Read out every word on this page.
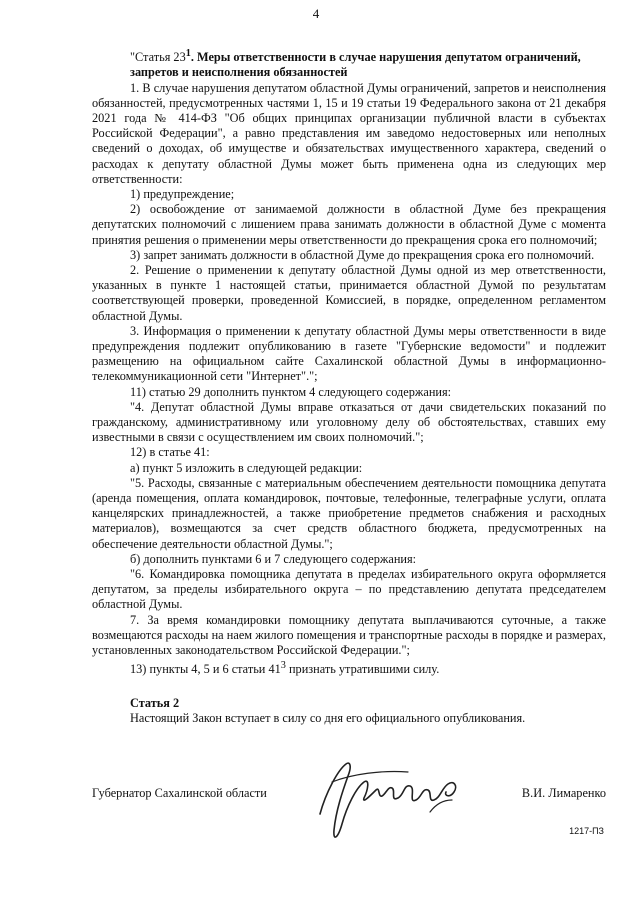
4

"Статья $23^1$. Меры ответственности в случае нарушения депутатом ограничений,

запретов и неисполнения обязанностей

1. В случае нарушения депутатом областной Думы ограничений, запретов и неисполнения обязанностей, предусмотренных частями 1, 15 и 19 статьи 19 Федерального закона от 21 декабря 2021 года № 414-ФЗ "Об общих принципах организации публичной власти в субъектах Российской Федерации", а равно представления им заведомо недостоверных или неполных сведений о доходах, об имуществе и обязательствах имущественного характера, сведений о расходах к депутату областной Думы может быть применена одна из следующих мер ответственности:

1) предупреждение;

2) освобождение от занимаемой должности в областной Думе без прекращения депутатских полномочий с лишением права занимать должности в областной Думе с момента принятия решения о применении меры ответственности до прекращения срока его полномочий;

3) запрет занимать должности в областной Думе до прекращения срока его полномочий.

2. Решение о применении к депутату областной Думы одной из мер ответственности, указанных в пункте 1 настоящей статьи, принимается областной Думой по результатам соответствующей проверки, проведенной Комиссией, в порядке, определенном регламентом областной Думы.

3. Информация о применении к депутату областной Думы меры ответственности в виде предупреждения подлежит опубликованию в газете "Губернские ведомости" и подлежит размещению на официальном сайте Сахалинской областной Думы в информационно-телекоммуникационной сети "Интернет".";

11) статью 29 дополнить пунктом 4 следующего содержания:

"4. Депутат областной Думы вправе отказаться от дачи свидетельских показаний по гражданскому, административному или уголовному делу об обстоятельствах, ставших ему известными в связи с осуществлением им своих полномочий.";

12) в статье 41:

а) пункт 5 изложить в следующей редакции:

"5. Расходы, связанные с материальным обеспечением деятельности помощника депутата (аренда помещения, оплата командировок, почтовые, телефонные, телеграфные услуги, оплата канцелярских принадлежностей, а также приобретение предметов снабжения и расходных материалов), возмещаются за счет средств областного бюджета, предусмотренных на обеспечение деятельности областной Думы.";

б) дополнить пунктами 6 и 7 следующего содержания:

"6. Командировка помощника депутата в пределах избирательного округа оформляется депутатом, за пределы избирательного округа – по представлению депутата председателем областной Думы.

7. За время командировки помощнику депутата выплачиваются суточные, а также возмещаются расходы на наем жилого помещения и транспортные расходы в порядке и размерах, установленных законодательством Российской Федерации.";

13) пункты 4, 5 и 6 статьи $41^3$ признать утратившими силу.

Статья 2

Настоящий Закон вступает в силу со дня его официального опубликования.

Губернатор Сахалинской области	В.И. Лимаренко
1217-ПЗ
